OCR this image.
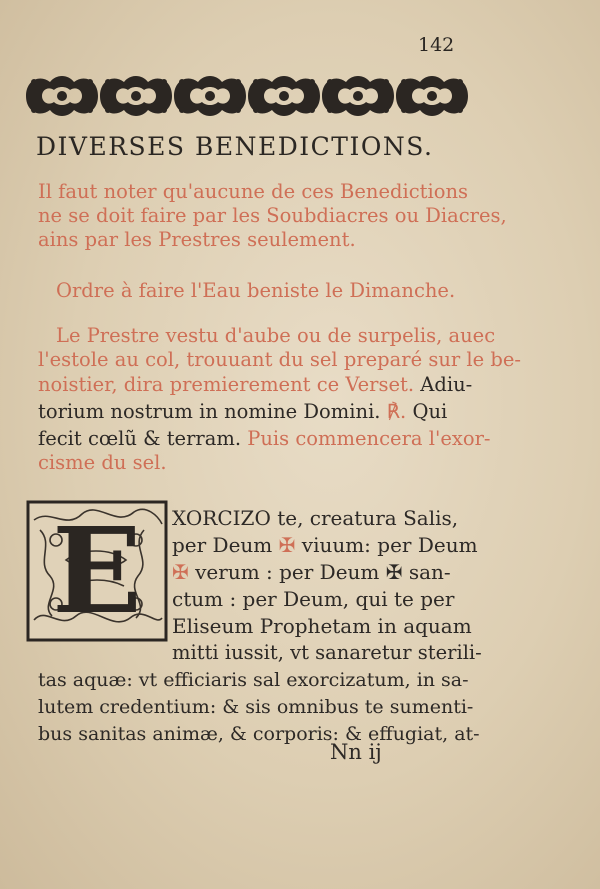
142
DIVERSES BENEDICTIONS.
Il faut noter qu'aucune de ces Benedictions
ne se doit faire par les Soubdiacres ou Diacres,
ains par les Prestres seulement.
Ordre à faire l'Eau beniste le Dimanche.
Le Prestre vestu d'aube ou de surpelis, auec
l'estole au col, trouuant du sel preparé sur le be-
noistier, dira premierement ce Verset. Adiu-
torium nostrum in nomine Domini. ℟. Qui
fecit cœlũ & terram. Puis commencera l'exor-
cisme du sel.
E XORCIZO te, creatura Salis,
per Deum ✠ viuum: per Deum
✠ verum : per Deum ✠ san-
ctum : per Deum, qui te per
Eliseum Prophetam in aquam
mitti iussit, vt sanaretur sterili-
tas aquæ: vt efficiaris sal exorcizatum, in sa-
lutem credentium: & sis omnibus te sumenti-
bus sanitas animæ, & corporis: & effugiat, at-
Nn ij
